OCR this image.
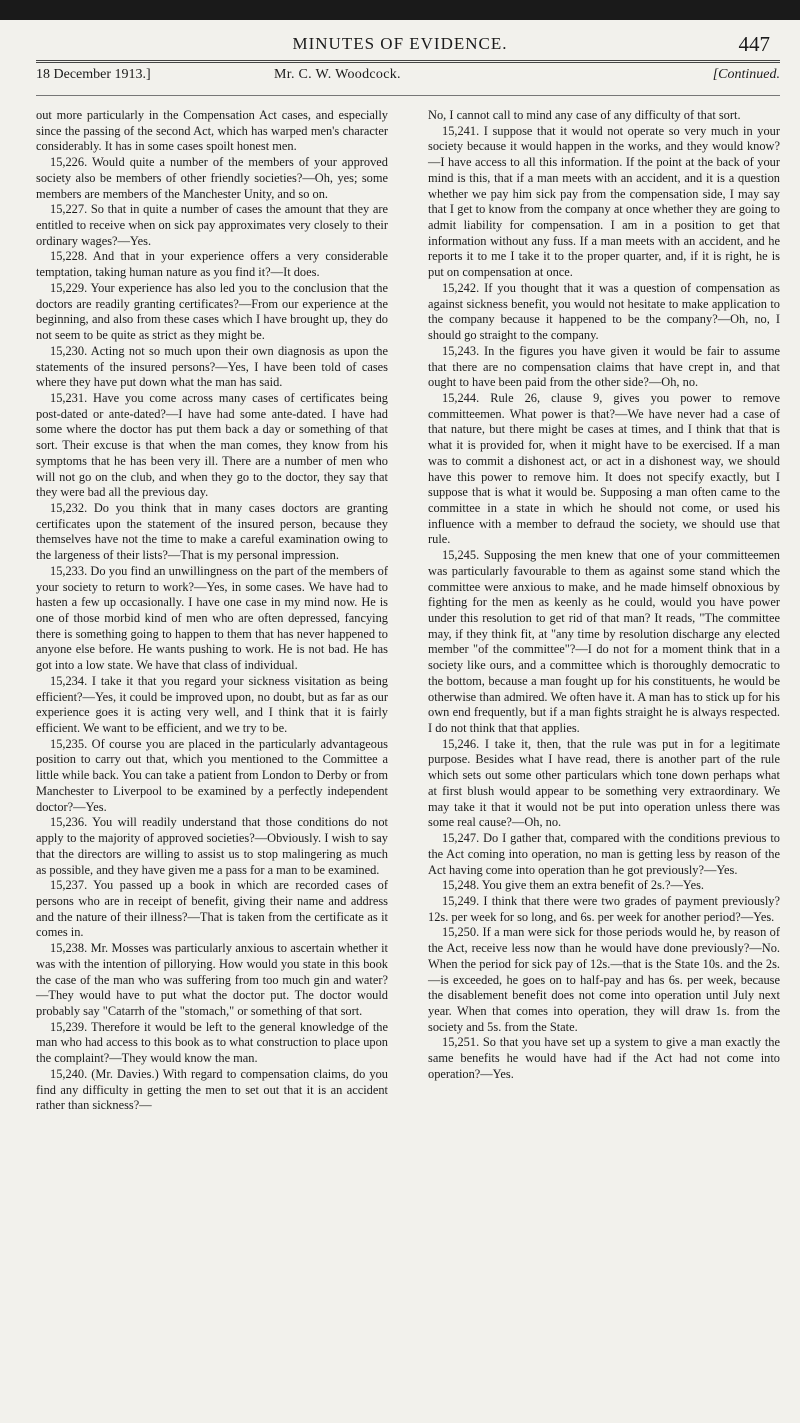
MINUTES OF EVIDENCE.	447
18 December 1913.]	Mr. C. W. Woodcock.	[Continued.

out more particularly in the Compensation Act cases, and especially since the passing of the second Act, which has warped men's character considerably. It has in some cases spoilt honest men.

15,226. Would quite a number of the members of your approved society also be members of other friendly societies?—Oh, yes; some members are members of the Manchester Unity, and so on.

15,227. So that in quite a number of cases the amount that they are entitled to receive when on sick pay approximates very closely to their ordinary wages?—Yes.

15,228. And that in your experience offers a very considerable temptation, taking human nature as you find it?—It does.

15,229. Your experience has also led you to the conclusion that the doctors are readily granting certificates?—From our experience at the beginning, and also from these cases which I have brought up, they do not seem to be quite as strict as they might be.

15,230. Acting not so much upon their own diagnosis as upon the statements of the insured persons?—Yes, I have been told of cases where they have put down what the man has said.

15,231. Have you come across many cases of certificates being post-dated or ante-dated?—I have had some ante-dated. I have had some where the doctor has put them back a day or something of that sort. Their excuse is that when the man comes, they know from his symptoms that he has been very ill. There are a number of men who will not go on the club, and when they go to the doctor, they say that they were bad all the previous day.

15,232. Do you think that in many cases doctors are granting certificates upon the statement of the insured person, because they themselves have not the time to make a careful examination owing to the largeness of their lists?—That is my personal impression.

15,233. Do you find an unwillingness on the part of the members of your society to return to work?—Yes, in some cases. We have had to hasten a few up occasionally. I have one case in my mind now. He is one of those morbid kind of men who are often depressed, fancying there is something going to happen to them that has never happened to anyone else before. He wants pushing to work. He is not bad. He has got into a low state. We have that class of individual.

15,234. I take it that you regard your sickness visitation as being efficient?—Yes, it could be improved upon, no doubt, but as far as our experience goes it is acting very well, and I think that it is fairly efficient. We want to be efficient, and we try to be.

15,235. Of course you are placed in the particularly advantageous position to carry out that, which you mentioned to the Committee a little while back. You can take a patient from London to Derby or from Manchester to Liverpool to be examined by a perfectly independent doctor?—Yes.

15,236. You will readily understand that those conditions do not apply to the majority of approved societies?—Obviously. I wish to say that the directors are willing to assist us to stop malingering as much as possible, and they have given me a pass for a man to be examined.

15,237. You passed up a book in which are recorded cases of persons who are in receipt of benefit, giving their name and address and the nature of their illness?—That is taken from the certificate as it comes in.

15,238. Mr. Mosses was particularly anxious to ascertain whether it was with the intention of pillorying. How would you state in this book the case of the man who was suffering from too much gin and water?—They would have to put what the doctor put. The doctor would probably say "Catarrh of the "stomach," or something of that sort.

15,239. Therefore it would be left to the general knowledge of the man who had access to this book as to what construction to place upon the complaint?—They would know the man.

15,240. (Mr. Davies.) With regard to compensation claims, do you find any difficulty in getting the men to set out that it is an accident rather than sickness?—

No, I cannot call to mind any case of any difficulty of that sort.

15,241. I suppose that it would not operate so very much in your society because it would happen in the works, and they would know?—I have access to all this information. If the point at the back of your mind is this, that if a man meets with an accident, and it is a question whether we pay him sick pay from the compensation side, I may say that I get to know from the company at once whether they are going to admit liability for compensation. I am in a position to get that information without any fuss. If a man meets with an accident, and he reports it to me I take it to the proper quarter, and, if it is right, he is put on compensation at once.

15,242. If you thought that it was a question of compensation as against sickness benefit, you would not hesitate to make application to the company because it happened to be the company?—Oh, no, I should go straight to the company.

15,243. In the figures you have given it would be fair to assume that there are no compensation claims that have crept in, and that ought to have been paid from the other side?—Oh, no.

15,244. Rule 26, clause 9, gives you power to remove committeemen. What power is that?—We have never had a case of that nature, but there might be cases at times, and I think that that is what it is provided for, when it might have to be exercised. If a man was to commit a dishonest act, or act in a dishonest way, we should have this power to remove him. It does not specify exactly, but I suppose that is what it would be. Supposing a man often came to the committee in a state in which he should not come, or used his influence with a member to defraud the society, we should use that rule.

15,245. Supposing the men knew that one of your committeemen was particularly favourable to them as against some stand which the committee were anxious to make, and he made himself obnoxious by fighting for the men as keenly as he could, would you have power under this resolution to get rid of that man? It reads, "The committee may, if they think fit, at "any time by resolution discharge any elected member "of the committee"?—I do not for a moment think that in a society like ours, and a committee which is thoroughly democratic to the bottom, because a man fought up for his constituents, he would be otherwise than admired. We often have it. A man has to stick up for his own end frequently, but if a man fights straight he is always respected. I do not think that that applies.

15,246. I take it, then, that the rule was put in for a legitimate purpose. Besides what I have read, there is another part of the rule which sets out some other particulars which tone down perhaps what at first blush would appear to be something very extraordinary. We may take it that it would not be put into operation unless there was some real cause?—Oh, no.

15,247. Do I gather that, compared with the conditions previous to the Act coming into operation, no man is getting less by reason of the Act having come into operation than he got previously?—Yes.

15,248. You give them an extra benefit of 2s.?—Yes.

15,249. I think that there were two grades of payment previously? 12s. per week for so long, and 6s. per week for another period?—Yes.

15,250. If a man were sick for those periods would he, by reason of the Act, receive less now than he would have done previously?—No. When the period for sick pay of 12s.—that is the State 10s. and the 2s.—is exceeded, he goes on to half-pay and has 6s. per week, because the disablement benefit does not come into operation until July next year. When that comes into operation, they will draw 1s. from the society and 5s. from the State.

15,251. So that you have set up a system to give a man exactly the same benefits he would have had if the Act had not come into operation?—Yes.
